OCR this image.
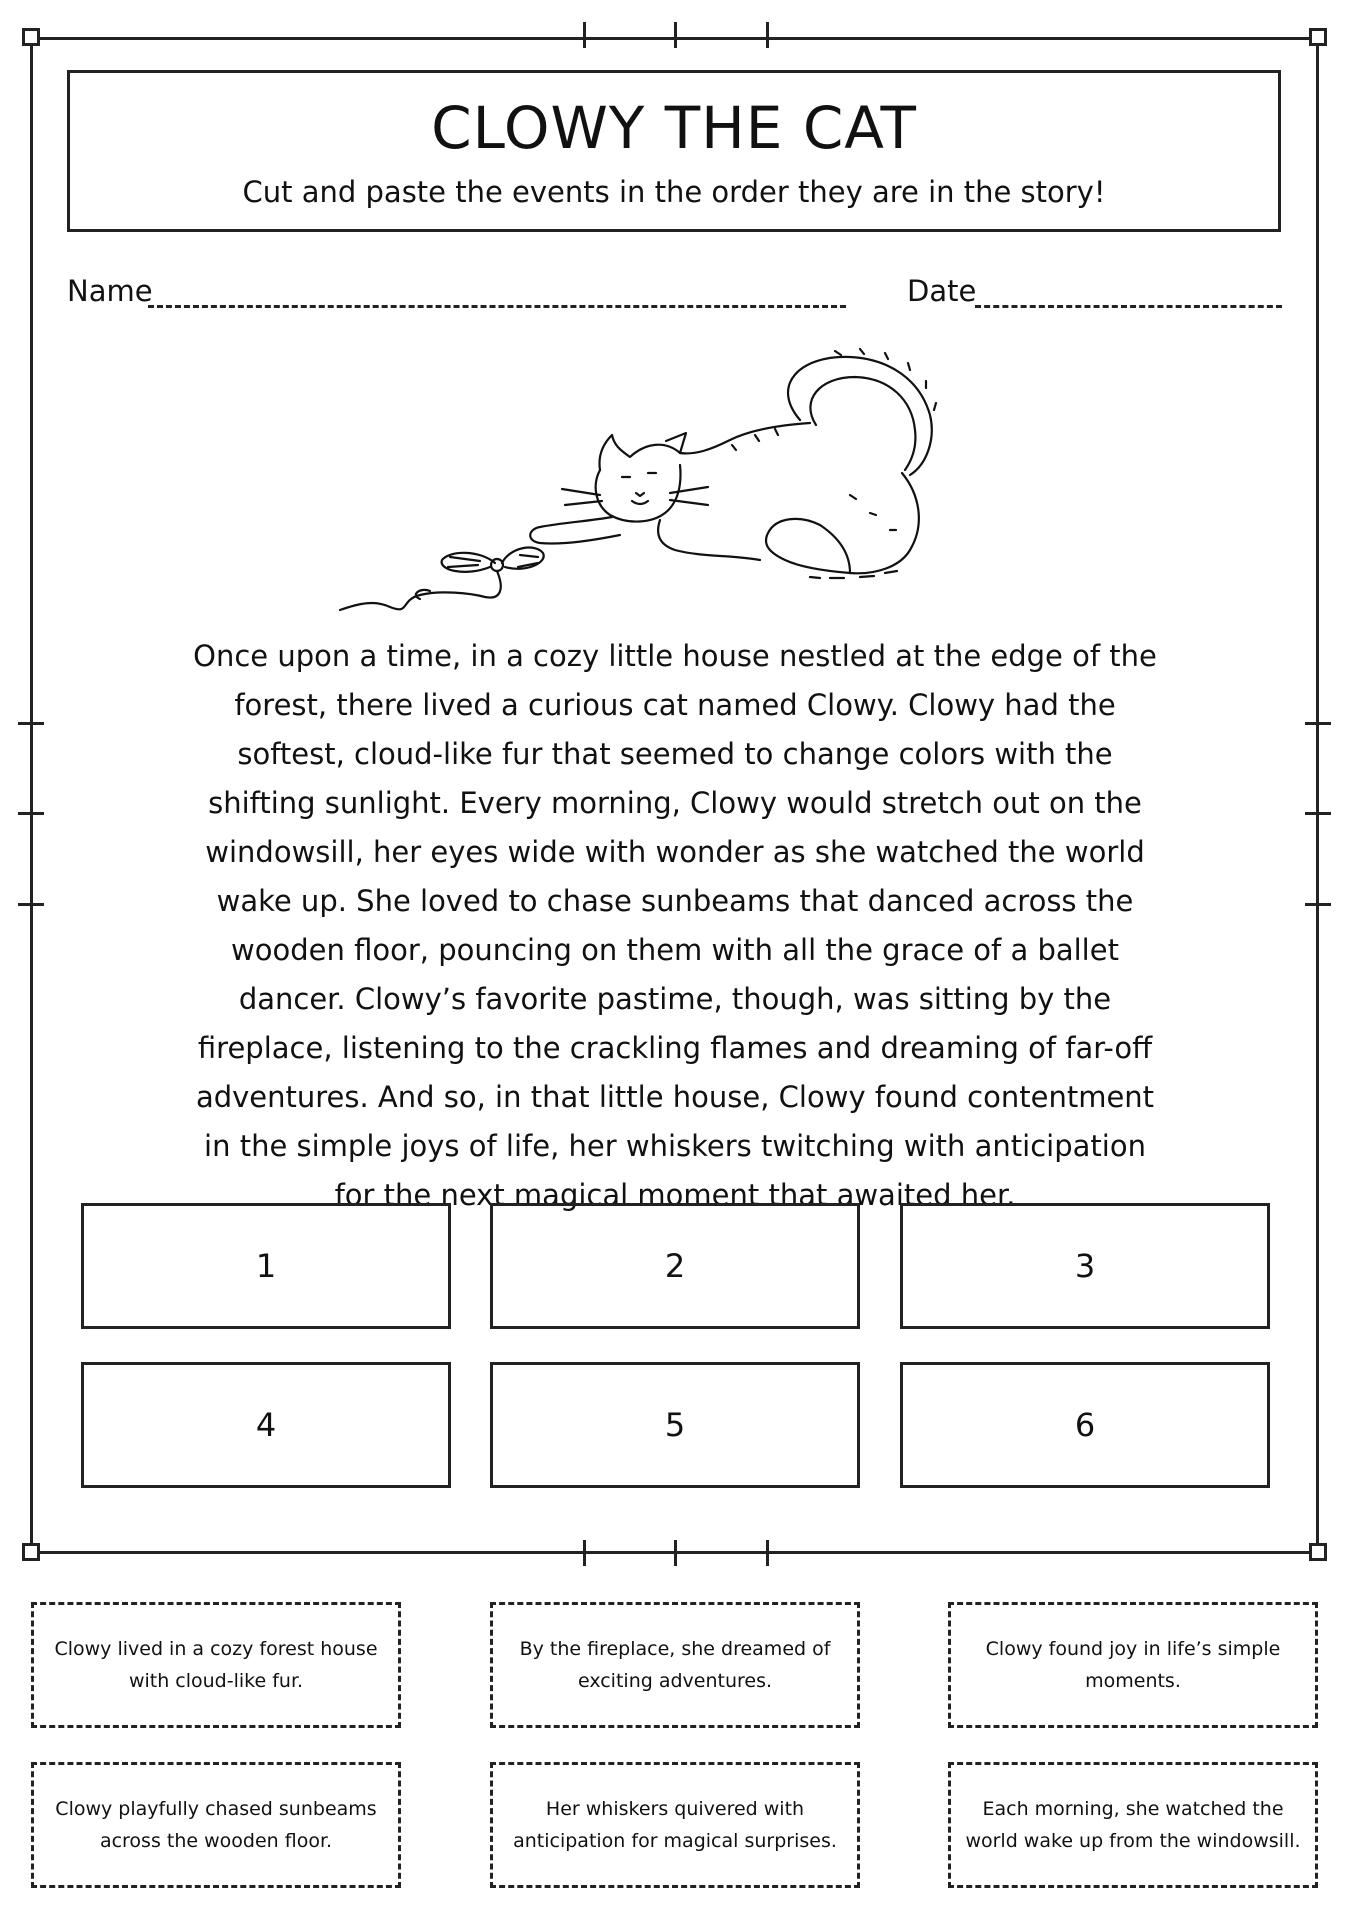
CLOWY THE CAT
Cut and paste the events in the order they are in the story!
Name	Date
Once upon a time, in a cozy little house nestled at the edge of the forest, there lived a curious cat named Clowy. Clowy had the softest, cloud-like fur that seemed to change colors with the shifting sunlight. Every morning, Clowy would stretch out on the windowsill, her eyes wide with wonder as she watched the world wake up. She loved to chase sunbeams that danced across the wooden floor, pouncing on them with all the grace of a ballet dancer. Clowy’s favorite pastime, though, was sitting by the fireplace, listening to the crackling flames and dreaming of far-off adventures. And so, in that little house, Clowy found contentment in the simple joys of life, her whiskers twitching with anticipation for the next magical moment that awaited her.
1	2	3
4	5	6
Clowy lived in a cozy forest house with cloud-like fur.
By the fireplace, she dreamed of exciting adventures.
Clowy found joy in life’s simple moments.
Clowy playfully chased sunbeams across the wooden floor.
Her whiskers quivered with anticipation for magical surprises.
Each morning, she watched the world wake up from the windowsill.
